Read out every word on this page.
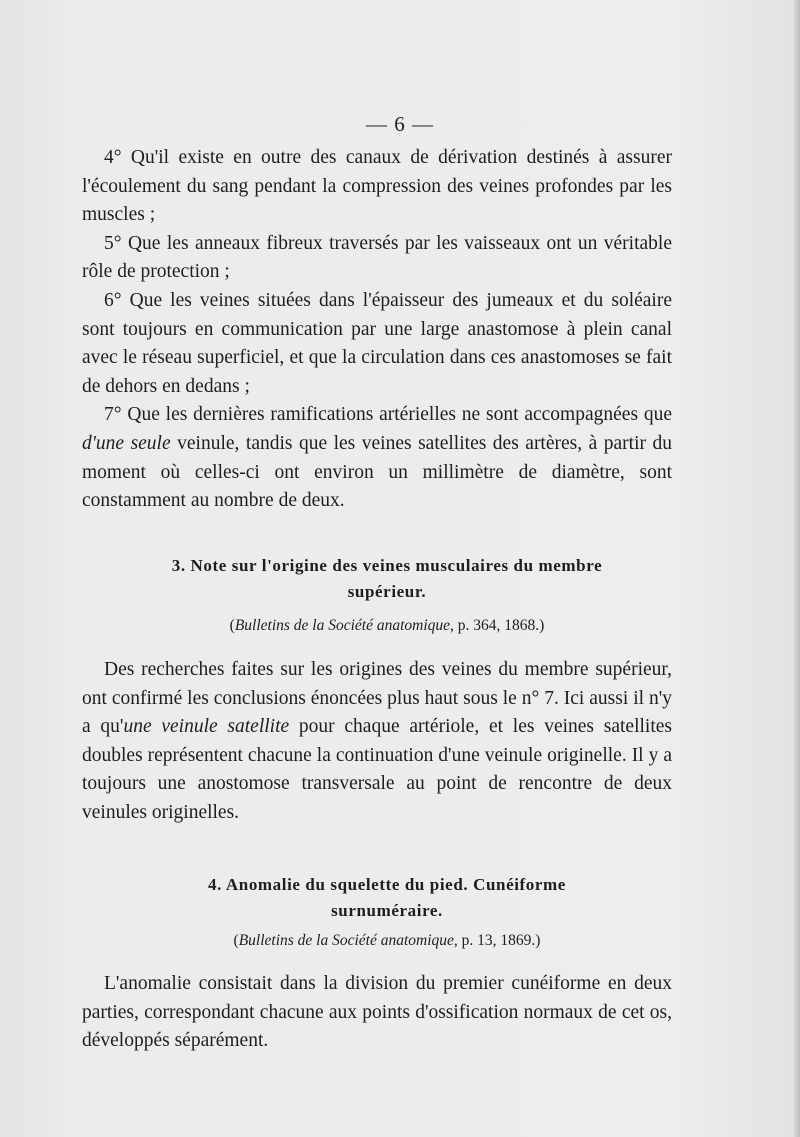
— 6 —

4° Qu'il existe en outre des canaux de dérivation destinés à assurer l'écoulement du sang pendant la compression des veines profondes par les muscles ;

5° Que les anneaux fibreux traversés par les vaisseaux ont un véritable rôle de protection ;

6° Que les veines situées dans l'épaisseur des jumeaux et du soléaire sont toujours en communication par une large anastomose à plein canal avec le réseau superficiel, et que la circulation dans ces anastomoses se fait de dehors en dedans ;

7° Que les dernières ramifications artérielles ne sont accompagnées que d'une seule veinule, tandis que les veines satellites des artères, à partir du moment où celles-ci ont environ un millimètre de diamètre, sont constamment au nombre de deux.

3. Note sur l'origine des veines musculaires du membre
supérieur.
(Bulletins de la Société anatomique, p. 364, 1868.)

Des recherches faites sur les origines des veines du membre supérieur, ont confirmé les conclusions énoncées plus haut sous le n° 7. Ici aussi il n'y a qu'une veinule satellite pour chaque artériole, et les veines satellites doubles représentent chacune la continuation d'une veinule originelle. Il y a toujours une anostomose transversale au point de rencontre de deux veinules originelles.

4. Anomalie du squelette du pied. Cunéiforme
surnuméraire.
(Bulletins de la Société anatomique, p. 13, 1869.)

L'anomalie consistait dans la division du premier cunéiforme en deux parties, correspondant chacune aux points d'ossification normaux de cet os, développés séparément.
